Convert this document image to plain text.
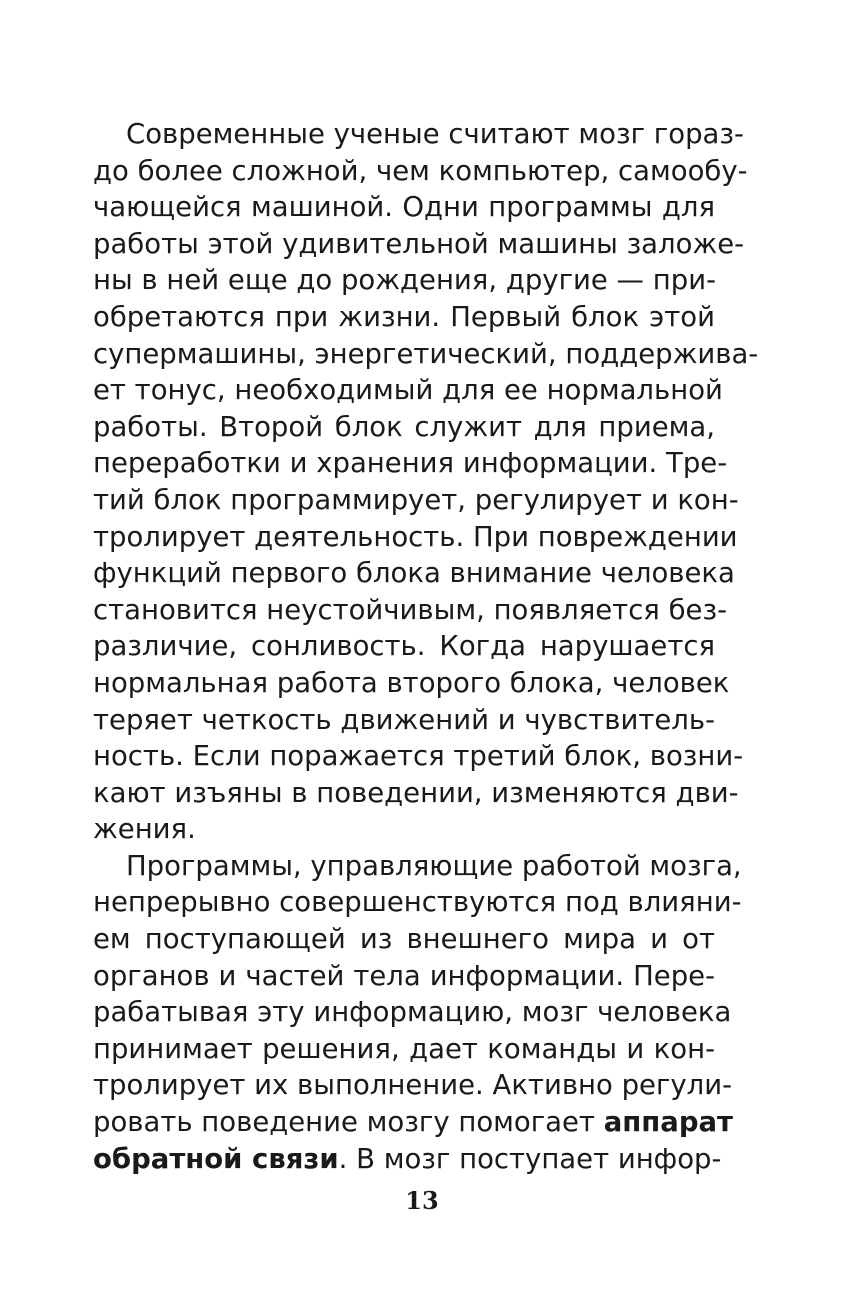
Современные ученые считают мозг гораз-
до более сложной, чем компьютер, самообу-
чающейся машиной. Одни программы для
работы этой удивительной машины заложе-
ны в ней еще до рождения, другие — при-
обретаются при жизни. Первый блок этой
супермашины, энергетический, поддержива-
ет тонус, необходимый для ее нормальной
работы. Второй блок служит для приема,
переработки и хранения информации. Тре-
тий блок программирует, регулирует и кон-
тролирует деятельность. При повреждении
функций первого блока внимание человека
становится неустойчивым, появляется без-
различие, сонливость. Когда нарушается
нормальная работа второго блока, человек
теряет четкость движений и чувствитель-
ность. Если поражается третий блок, возни-
кают изъяны в поведении, изменяются дви-
жения.
Программы, управляющие работой мозга,
непрерывно совершенствуются под влияни-
ем поступающей из внешнего мира и от
органов и частей тела информации. Пере-
рабатывая эту информацию, мозг человека
принимает решения, дает команды и кон-
тролирует их выполнение. Активно регули-
ровать поведение мозгу помогает аппарат
обратной связи. В мозг поступает инфор-
13
